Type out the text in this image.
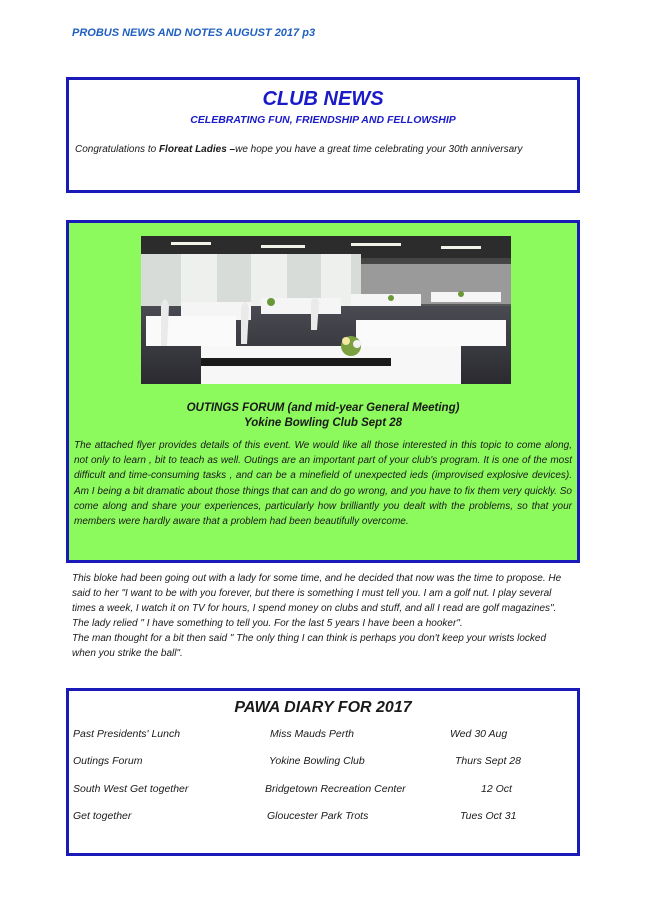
PROBUS NEWS AND NOTES AUGUST 2017 p3
CLUB NEWS
CELEBRATING FUN, FRIENDSHIP AND FELLOWSHIP
Congratulations to Floreat Ladies –we hope you have a great time celebrating your 30th anniversary
OUTINGS FORUM (and mid-year General Meeting)
Yokine Bowling Club Sept 28
The attached flyer provides details of this event. We would like all those interested in this topic to come along, not only to learn , bit to teach as well. Outings are an important part of your club's program. It is one of the most difficult and time-consuming tasks , and can be a minefield of unexpected ieds (improvised explosive devices). Am I being a bit dramatic about those things that can and do go wrong, and you have to fix them very quickly. So come along and share your experiences, particularly how brilliantly you dealt with the problems, so that your members were hardly aware that a problem had been beautifully overcome.

This bloke had been going out with a lady for some time, and he decided that now was the time to propose. He said to her "I want to be with you forever, but there is something I must tell you. I am a golf nut. I play several times a week, I watch it on TV for hours, I spend money on clubs and stuff, and all I read are golf magazines". The lady relied " I have something to tell you. For the last 5 years I have been a hooker".

The man thought for a bit then said " The only thing I can think is perhaps you don't keep your wrists locked when you strike the ball".

PAWA DIARY FOR 2017
Past Presidents' Lunch	Miss Mauds Perth	Wed 30 Aug
Outings Forum	Yokine Bowling Club	Thurs Sept 28
South West Get together	Bridgetown Recreation Center	12 Oct
Get together	Gloucester Park Trots	Tues Oct 31
